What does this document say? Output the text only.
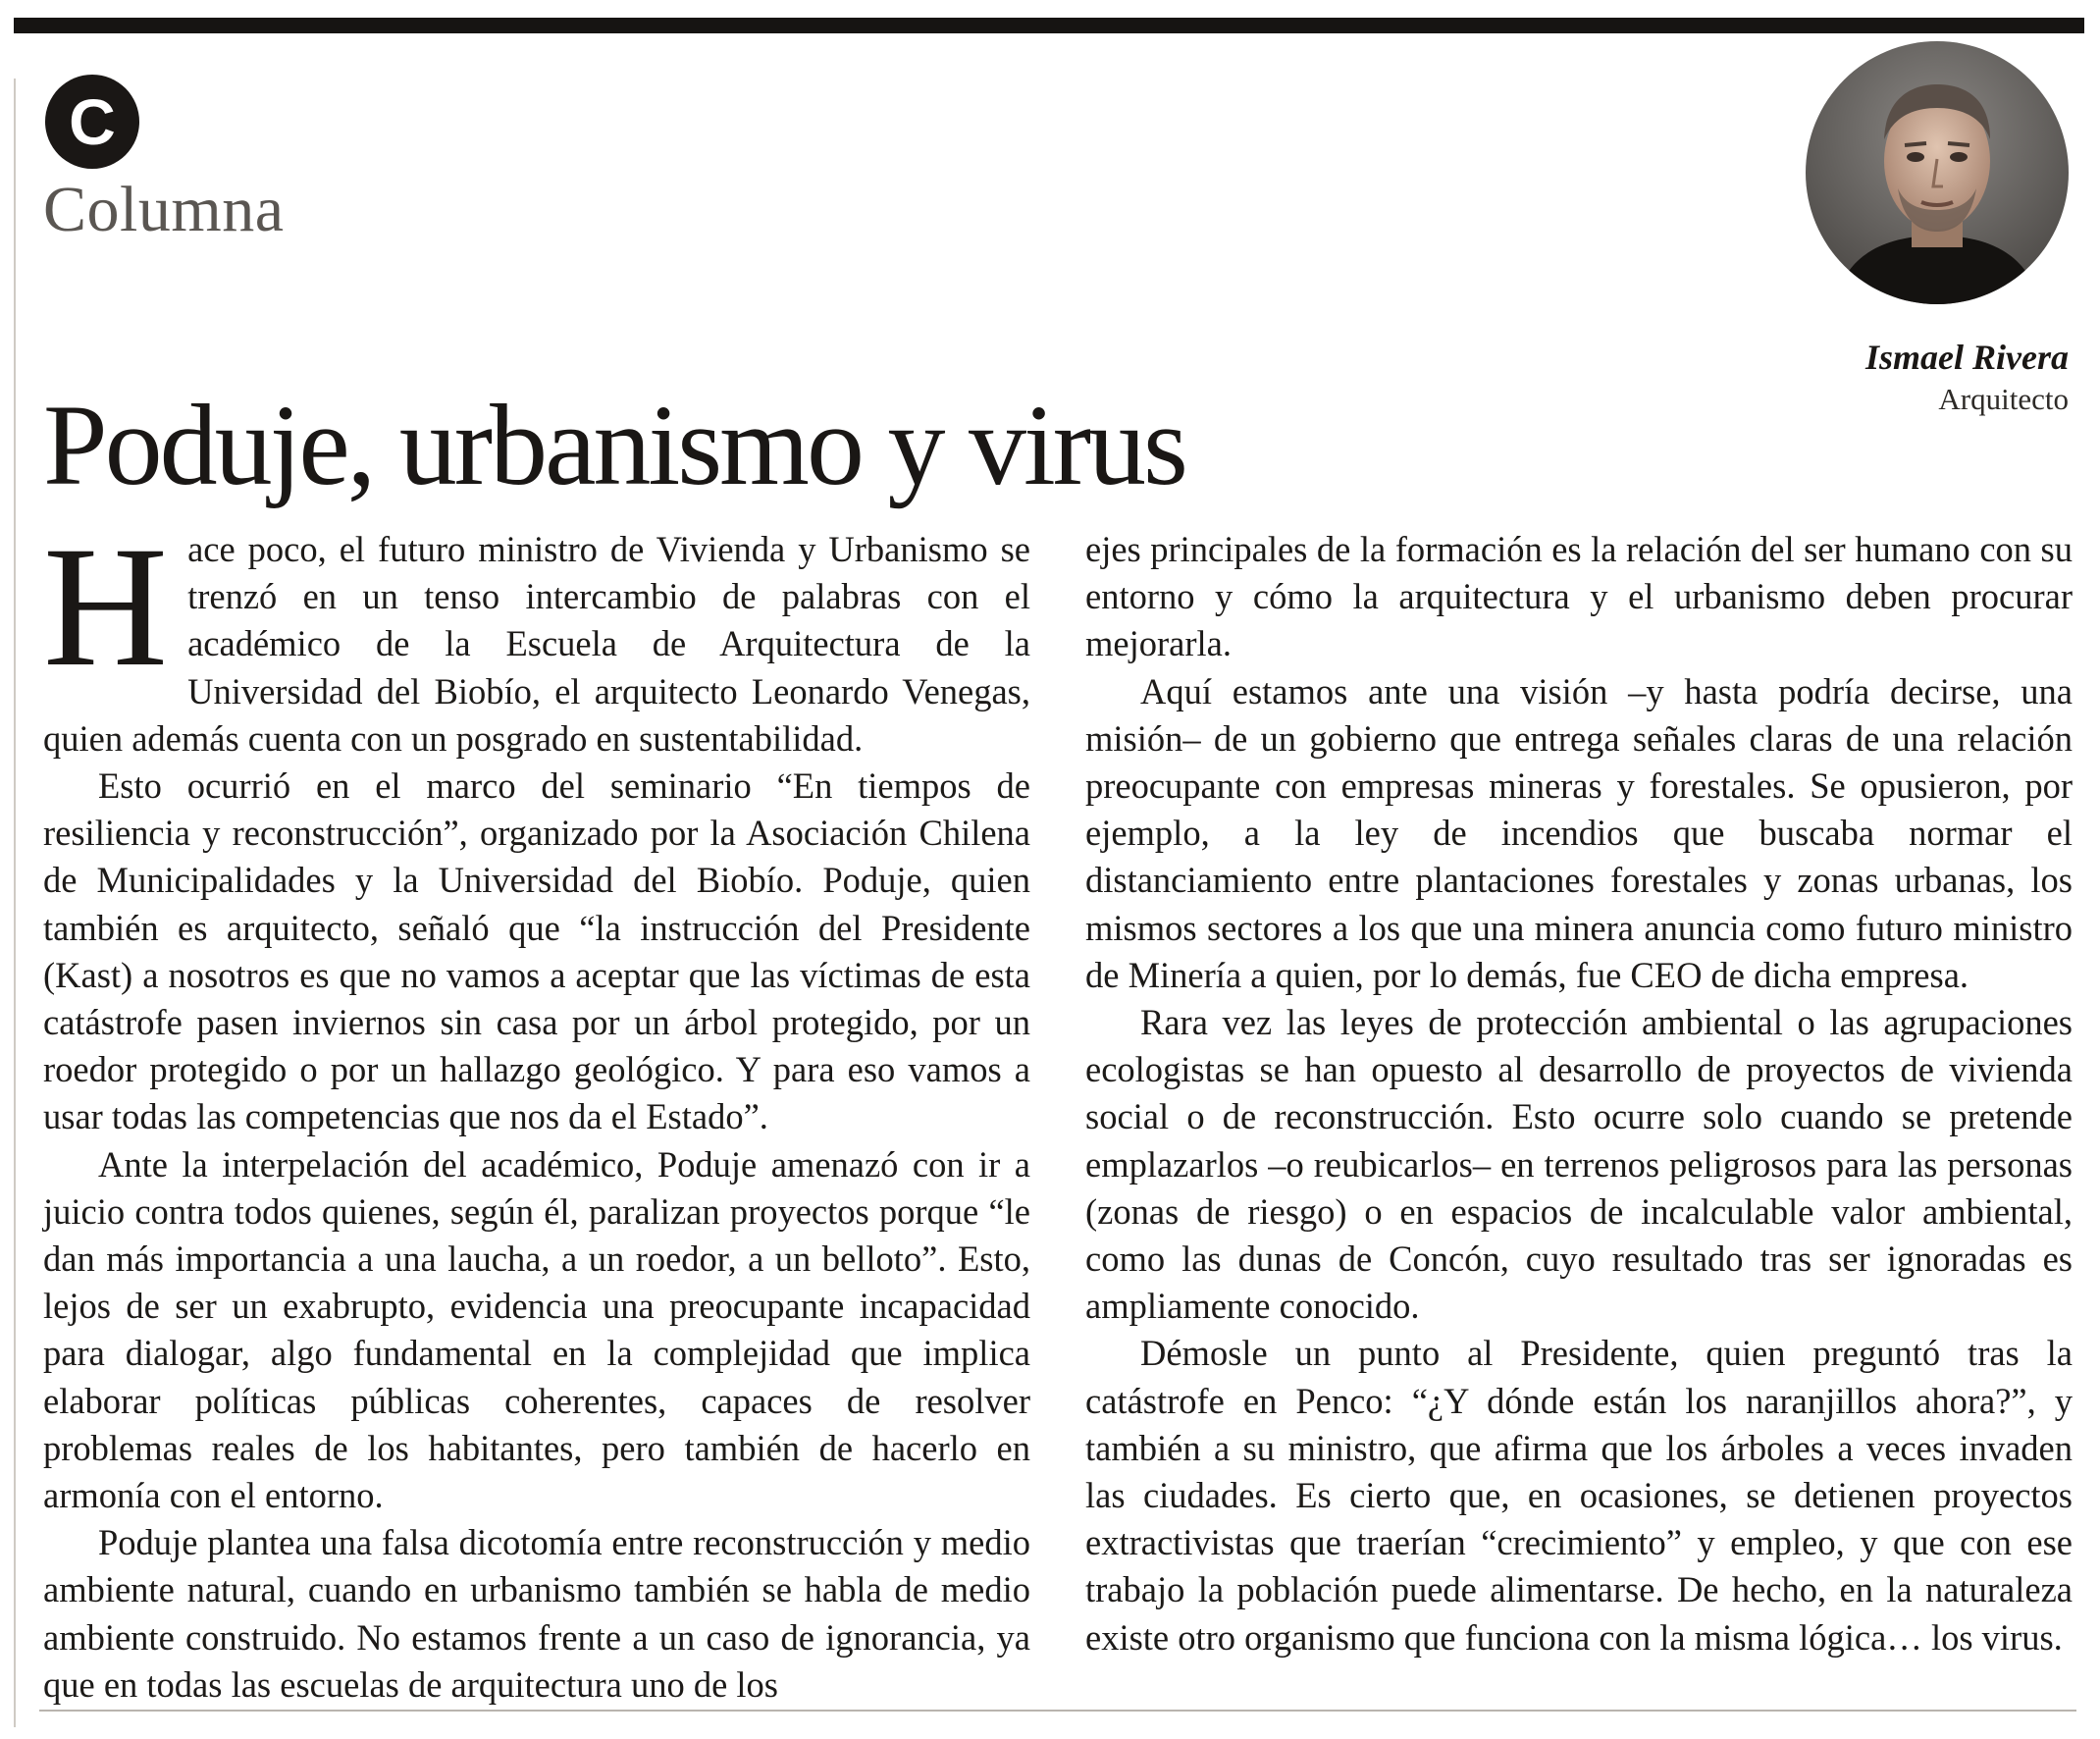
C
Columna
Ismael Rivera
Arquitecto
Poduje, urbanismo y virus

Hace poco, el futuro ministro de Vivienda y Urbanismo se trenzó en un tenso intercambio de palabras con el académico de la Escuela de Arquitectura de la Universidad del Biobío, el arquitecto Leonardo Venegas, quien además cuenta con un posgrado en sustentabilidad.

Esto ocurrió en el marco del seminario “En tiempos de resiliencia y reconstrucción”, organizado por la Asociación Chilena de Municipalidades y la Universidad del Biobío. Poduje, quien también es arquitecto, señaló que “la instrucción del Presidente (Kast) a nosotros es que no vamos a aceptar que las víctimas de esta catástrofe pasen inviernos sin casa por un árbol protegido, por un roedor protegido o por un hallazgo geológico. Y para eso vamos a usar todas las competencias que nos da el Estado”.

Ante la interpelación del académico, Poduje amenazó con ir a juicio contra todos quienes, según él, paralizan proyectos porque “le dan más importancia a una laucha, a un roedor, a un belloto”. Esto, lejos de ser un exabrupto, evidencia una preocupante incapacidad para dialogar, algo fundamental en la complejidad que implica elaborar políticas públicas coherentes, capaces de resolver problemas reales de los habitantes, pero también de hacerlo en armonía con el entorno.

Poduje plantea una falsa dicotomía entre reconstrucción y medio ambiente natural, cuando en urbanismo también se habla de medio ambiente construido. No estamos frente a un caso de ignorancia, ya que en todas las escuelas de arquitectura uno de los

ejes principales de la formación es la relación del ser humano con su entorno y cómo la arquitectura y el urbanismo deben procurar mejorarla.

Aquí estamos ante una visión –y hasta podría decirse, una misión– de un gobierno que entrega señales claras de una relación preocupante con empresas mineras y forestales. Se opusieron, por ejemplo, a la ley de incendios que buscaba normar el distanciamiento entre plantaciones forestales y zonas urbanas, los mismos sectores a los que una minera anuncia como futuro ministro de Minería a quien, por lo demás, fue CEO de dicha empresa.

Rara vez las leyes de protección ambiental o las agrupaciones ecologistas se han opuesto al desarrollo de proyectos de vivienda social o de reconstrucción. Esto ocurre solo cuando se pretende emplazarlos –o reubicarlos– en terrenos peligrosos para las personas (zonas de riesgo) o en espacios de incalculable valor ambiental, como las dunas de Concón, cuyo resultado tras ser ignoradas es ampliamente conocido.

Démosle un punto al Presidente, quien preguntó tras la catástrofe en Penco: “¿Y dónde están los naranjillos ahora?”, y también a su ministro, que afirma que los árboles a veces invaden las ciudades. Es cierto que, en ocasiones, se detienen proyectos extractivistas que traerían “crecimiento” y empleo, y que con ese trabajo la población puede alimentarse. De hecho, en la naturaleza existe otro organismo que funciona con la misma lógica… los virus.
